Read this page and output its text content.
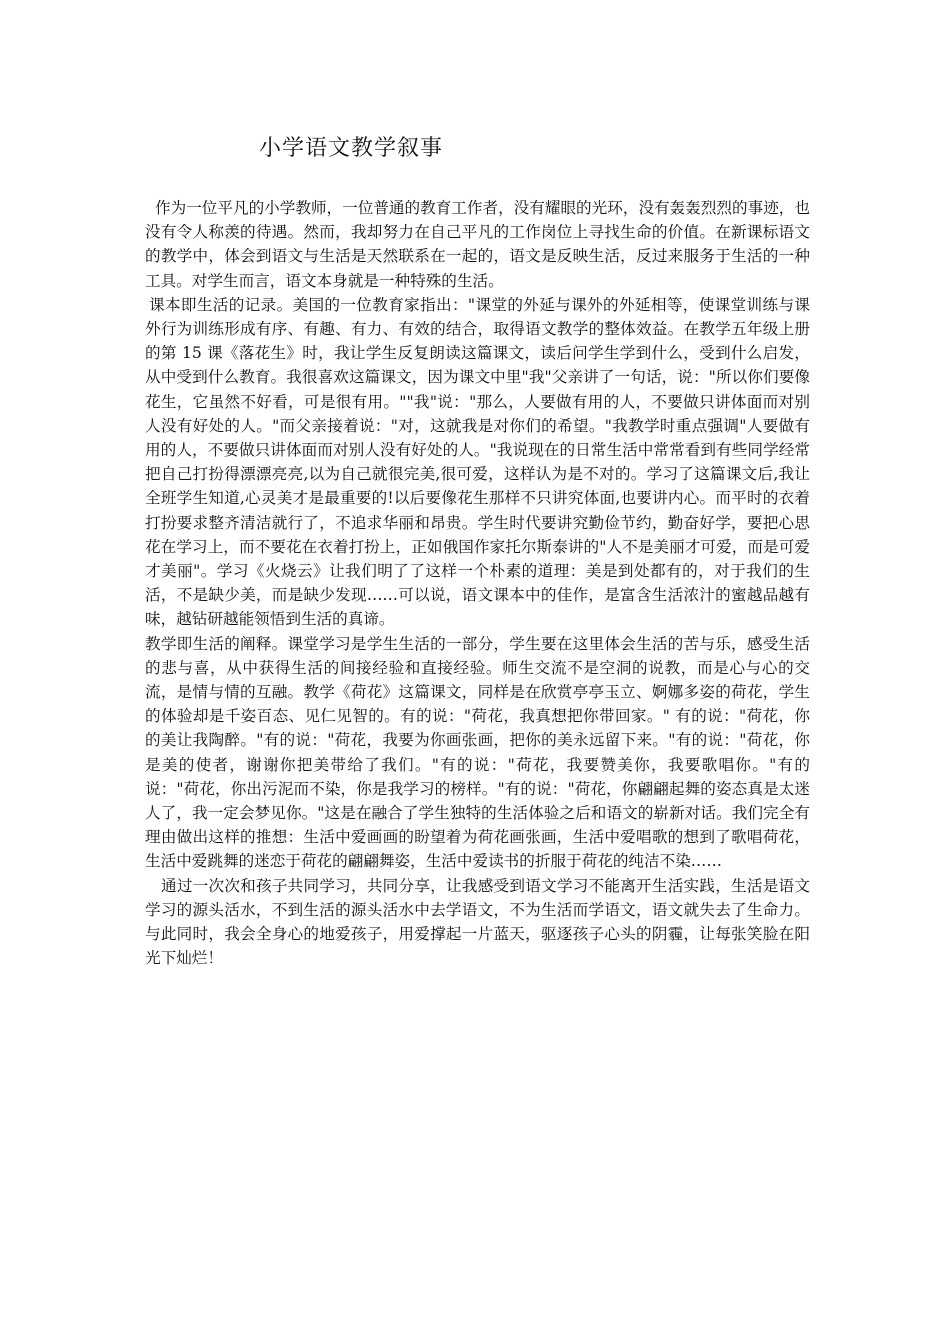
小学语文教学叙事

作为一位平凡的小学教师，一位普通的教育工作者，没有耀眼的光环，没有轰轰烈烈的事迹，也没有令人称羡的待遇。然而，我却努力在自己平凡的工作岗位上寻找生命的价值。在新课标语文的教学中，体会到语文与生活是天然联系在一起的，语文是反映生活，反过来服务于生活的一种工具。对学生而言，语文本身就是一种特殊的生活。

课本即生活的记录。美国的一位教育家指出："课堂的外延与课外的外延相等，使课堂训练与课外行为训练形成有序、有趣、有力、有效的结合，取得语文教学的整体效益。在教学五年级上册的第 15 课《落花生》时，我让学生反复朗读这篇课文，读后问学生学到什么，受到什么启发，从中受到什么教育。我很喜欢这篇课文，因为课文中里"我"父亲讲了一句话，说："所以你们要像花生，它虽然不好看，可是很有用。""我"说："那么，人要做有用的人，不要做只讲体面而对别人没有好处的人。"而父亲接着说："对，这就我是对你们的希望。"我教学时重点强调"人要做有用的人，不要做只讲体面而对别人没有好处的人。"我说现在的日常生活中常常看到有些同学经常把自己打扮得漂漂亮亮,以为自己就很完美,很可爱，这样认为是不对的。学习了这篇课文后,我让全班学生知道,心灵美才是最重要的!以后要像花生那样不只讲究体面,也要讲内心。而平时的衣着打扮要求整齐清洁就行了，不追求华丽和昂贵。学生时代要讲究勤俭节约，勤奋好学，要把心思花在学习上，而不要花在衣着打扮上，正如俄国作家托尔斯泰讲的"人不是美丽才可爱，而是可爱才美丽"。学习《火烧云》让我们明了了这样一个朴素的道理：美是到处都有的，对于我们的生活，不是缺少美，而是缺少发现……可以说，语文课本中的佳作，是富含生活浓汁的蜜越品越有味，越钻研越能领悟到生活的真谛。

教学即生活的阐释。课堂学习是学生生活的一部分，学生要在这里体会生活的苦与乐，感受生活的悲与喜，从中获得生活的间接经验和直接经验。师生交流不是空洞的说教，而是心与心的交流，是情与情的互融。教学《荷花》这篇课文，同样是在欣赏亭亭玉立、婀娜多姿的荷花，学生的体验却是千姿百态、见仁见智的。有的说："荷花，我真想把你带回家。" 有的说："荷花，你的美让我陶醉。"有的说："荷花，我要为你画张画，把你的美永远留下来。"有的说："荷花，你是美的使者，谢谢你把美带给了我们。"有的说："荷花，我要赞美你，我要歌唱你。"有的说："荷花，你出污泥而不染，你是我学习的榜样。"有的说："荷花，你翩翩起舞的姿态真是太迷人了，我一定会梦见你。"这是在融合了学生独特的生活体验之后和语文的崭新对话。我们完全有理由做出这样的推想：生活中爱画画的盼望着为荷花画张画，生活中爱唱歌的想到了歌唱荷花，生活中爱跳舞的迷恋于荷花的翩翩舞姿，生活中爱读书的折服于荷花的纯洁不染……

通过一次次和孩子共同学习，共同分享，让我感受到语文学习不能离开生活实践，生活是语文学习的源头活水，不到生活的源头活水中去学语文，不为生活而学语文，语文就失去了生命力。与此同时，我会全身心的地爱孩子，用爱撑起一片蓝天，驱逐孩子心头的阴霾，让每张笑脸在阳光下灿烂！
